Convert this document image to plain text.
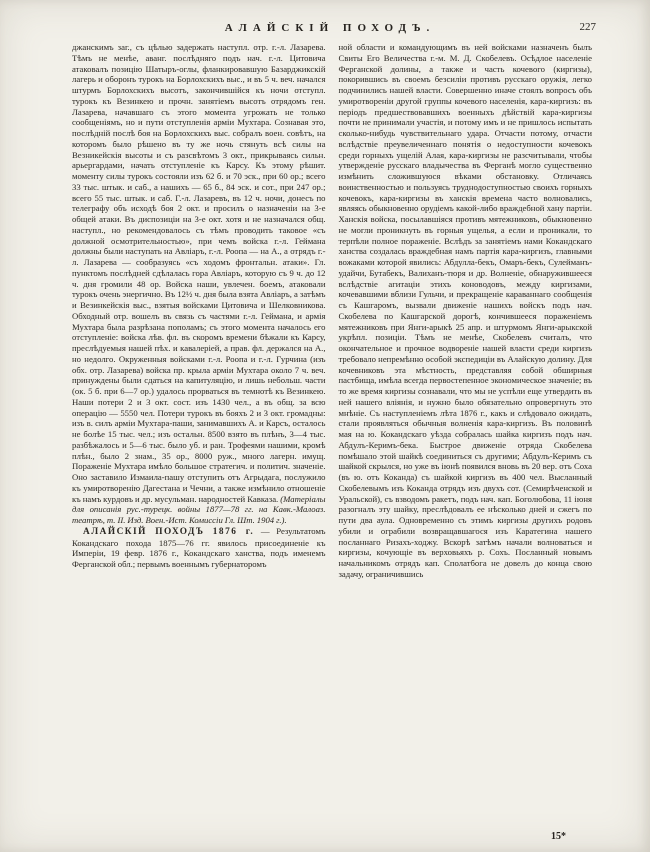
АЛАЙСКІЙ ПОХОДЪ.	227

джанскимъ заг., съ цѣлью задержать наступл. отр. г.-л. Лазарева. Тѣмъ не менѣе, аванг. послѣдняго подъ нач. г.-л. Цитовича атаковалъ позицію Шатыръ-оглы, фланкировавшую Базарджикскій лагерь и оборонъ турокъ на Борлохскихъ выс., и въ 5 ч. веч. начался штурмъ Борлохскихъ высотъ, закончившійся къ ночи отступл. турокъ къ Везинкею и прочн. занятіемъ высотъ отрядомъ ген. Лазарева, начавшаго съ этого момента угрожать не только сообщеніямъ, но и пути отступленія арміи Мухтара. Сознавая это, послѣдній послѣ боя на Борлохскихъ выс. собралъ воен. совѣтъ, на которомъ было рѣшено въ ту же ночь стянуть всѣ силы на Везникейскія высоты и съ разсвѣтомъ 3 окт., прикрываясь сильн. арьергардами, начать отступленіе къ Карсу. Къ этому рѣшит. моменту силы турокъ состояли изъ 62 б. и 70 эск., при 60 ор.; всего 33 тыс. штык. и саб., а нашихъ — 65 б., 84 эск. и сот., при 247 ор.; всего 55 тыс. штык. и саб. Г.-л. Лазаревъ, въ 12 ч. ночи, донесъ по телеграфу объ исходѣ боя 2 окт. и просилъ о назначеніи на 3-е общей атаки. Въ диспозиціи на 3-е окт. хотя и не назначался общ. наступл., но рекомендовалось съ тѣмъ проводить таковое «съ должной осмотрительностью», при чемъ войска г.-л. Геймана должны были наступать на Авліаръ, г.-л. Роопа — на А., а отрядъ г.-л. Лазарева — сообразуясь «съ ходомъ фронтальн. атаки». Гл. пунктомъ послѣдней сдѣлалась гора Авліаръ, которую съ 9 ч. до 12 ч. дня громили 48 ор. Войска наши, увлечен. боемъ, атаковали турокъ очень энергично. Въ 12½ ч. дня была взята Авліаръ, а затѣмъ и Везинкейскія выс., взятыя войсками Цитовича и Шелковникова. Обходный отр. вошелъ въ связь съ частями г.-л. Геймана, и армія Мухтара была разрѣзана пополамъ; съ этого момента началось его отступленіе: войска лѣв. фл. въ скоромъ времени бѣжали къ Карсу, преслѣдуемыя нашей пѣх. и кавалеріей, а прав. фл. держался на А., но недолго. Окруженныя войсками г.-л. Роопа и г.-л. Гурчина (изъ обх. отр. Лазарева) войска пр. крыла арміи Мухтара около 7 ч. веч. принуждены были сдаться на капитуляцію, и лишь небольш. части (ок. 5 б. при 6—7 ор.) удалось прорваться въ темнотѣ къ Везинкею. Наши потери 2 и 3 окт. сост. изъ 1430 чел., а въ общ. за всю операцію — 5550 чел. Потери турокъ въ бояхъ 2 и 3 окт. громадны: изъ в. силъ арміи Мухтара-паши, занимавшихъ А. и Карсъ, осталось не болѣе 15 тыс. чел.; изъ остальн. 8500 взято въ плѣнъ, 3—4 тыс. разбѣжалось и 5—6 тыс. было уб. и ран. Трофеями нашими, кромѣ плѣн., было 2 знам., 35 ор., 8000 руж., много лагерн. имущ. Пораженіе Мухтара имѣло большое стратегич. и политич. значеніе. Оно заставило Измаила-пашу отступить отъ Агрыдага, послужило къ умиротворенію Дагестана и Чечни, а также измѣнило отношеніе къ намъ курдовъ и др. мусульман. народностей Кавказа. (Матеріалы для описанія рус.-турецк. войны 1877—78 гг. на Кавк.-Малоаз. театрѣ, т. II. Изд. Воен.-Ист. Комиссіи Гл. Шт. 1904 г.).

АЛАЙСКІЙ ПОХОДЪ 1876 г. — Результатомъ Кокандскаго похода 1875—76 гг. явилось присоединеніе къ Имперіи, 19 февр. 1876 г., Кокандскаго ханства, подъ именемъ Ферганской обл.; первымъ военнымъ губернаторомъ

ной области и командующимъ въ ней войсками назначенъ былъ Свиты Его Величества г.-м. М. Д. Скобелевъ. Осѣдлое населеніе Ферганской долины, а также и часть кочевого (киргизы), покорившись въ своемъ безсиліи противъ русскаго оружія, легко подчинились нашей власти. Совершенно иначе стоялъ вопросъ объ умиротвореніи другой группы кочевого населенія, кара-киргизъ: въ періодъ предшествовавшихъ военныхъ дѣйствій кара-киргизы почти не принимали участія, и потому имъ и не пришлось испытать сколько-нибудь чувствительнаго удара. Отчасти потому, отчасти вслѣдствіе преувеличеннаго понятія о недоступности кочевокъ среди горныхъ ущелій Алая, кара-киргизы не разсчитывали, чтобы утвержденіе русскаго владычества въ Ферганѣ могло существенно измѣнить сложившуюся вѣками обстановку. Отличаясь воинственностью и пользуясь труднодоступностью своихъ горныхъ кочевокъ, кара-киргизы въ ханскія времена часто волновались, являясь обыкновенно орудіемъ какой-либо враждебной хану партіи. Ханскія войска, посылавшіяся противъ мятежниковъ, обыкновенно не могли проникнуть въ горныя ущелья, а если и проникали, то терпѣли полное пораженіе. Вслѣдъ за занятіемъ нами Кокандскаго ханства создалась враждебная намъ партія кара-киргизъ, главными вожаками которой явились: Абдулла-бекъ, Омаръ-бекъ, Сулейманъ-удайчи, Бутабекъ, Валиханъ-тюря и др. Волненіе, обнаружившееся вслѣдствіе агитаціи этихъ коноводовъ, между киргизами, кочевавшими вблизи Гульчи, и прекращеніе караваннаго сообщенія съ Кашгаромъ, вызвали движеніе нашихъ войскъ подъ нач. Скобелева по Кашгарской дорогѣ, кончившееся пораженіемъ мятежниковъ при Янги-арыкѣ 25 апр. и штурмомъ Янги-арыкской укрѣпл. позиціи. Тѣмъ не менѣе, Скобелевъ считалъ, что окончательное и прочное водвореніе нашей власти среди киргизъ требовало непремѣнно особой экспедиціи въ Алайскую долину. Для кочевниковъ эта мѣстность, представляя собой обширныя пастбища, имѣла всегда первостепенное экономическое значеніе; въ то же время киргизы сознавали, что мы не успѣли еще утвердить въ ней нашего вліянія, и нужно было обязательно опровергнуть это мнѣніе. Съ наступленіемъ лѣта 1876 г., какъ и слѣдовало ожидать, стали проявляться обычныя волненія кара-киргизъ. Въ половинѣ мая на ю. Кокандскаго уѣзда собралась шайка киргизъ подъ нач. Абдулъ-Керимъ-бека. Быстрое движеніе отряда Скобелева помѣшало этой шайкѣ соединиться съ другими; Абдулъ-Керимъ съ шайкой скрылся, но уже въ іюнѣ появился вновь въ 20 вер. отъ Соха (въ ю. отъ Коканда) съ шайкой киргизъ въ 400 чел. Высланный Скобелевымъ изъ Коканда отрядъ изъ двухъ сот. (Семирѣченской и Уральской), съ взводомъ ракетъ, подъ нач. кап. Боголюбова, 11 іюня разогналъ эту шайку, преслѣдовалъ ее нѣсколько дней и сжегъ по пути два аула. Одновременно съ этимъ киргизы другихъ родовъ убили и ограбили возвращавшагося изъ Каратегина нашего посланнаго Ризахъ-ходжу. Вскорѣ затѣмъ начали волноваться и киргизы, кочующіе въ верховьяхъ р. Сохъ. Посланный новымъ начальникомъ отрядъ кап. Сполатбога не довелъ до конца свою задачу, ограничившись

15*
